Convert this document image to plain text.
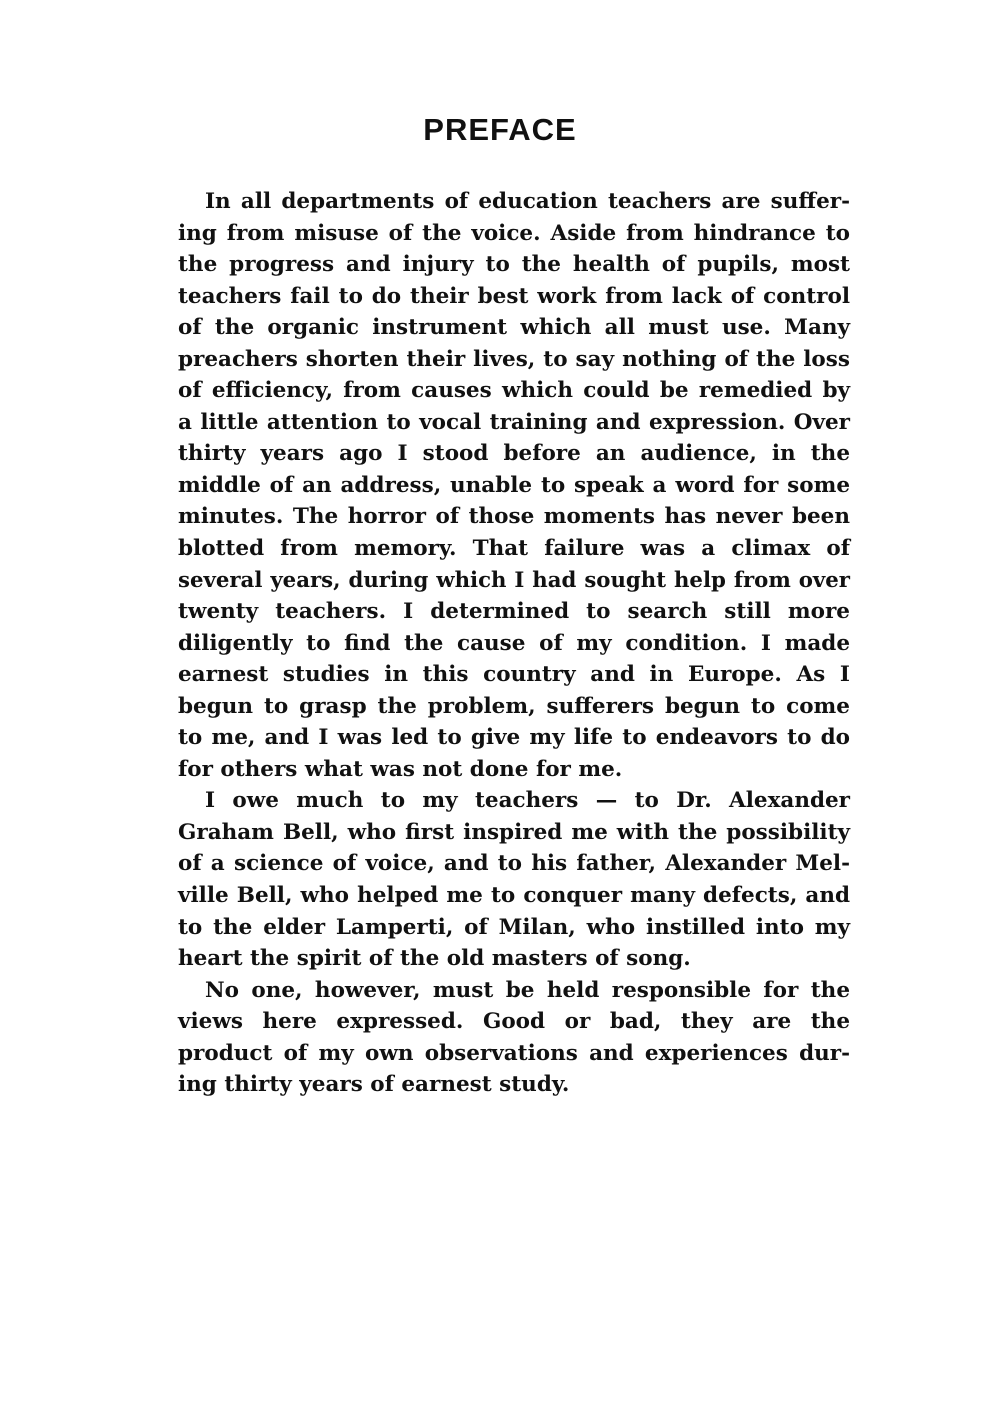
PREFACE
In all departments of education teachers are suffer-
ing from misuse of the voice. Aside from hindrance to
the progress and injury to the health of pupils, most
teachers fail to do their best work from lack of control
of the organic instrument which all must use. Many
preachers shorten their lives, to say nothing of the loss
of efficiency, from causes which could be remedied by
a little attention to vocal training and expression. Over
thirty years ago I stood before an audience, in the
middle of an address, unable to speak a word for some
minutes. The horror of those moments has never been
blotted from memory. That failure was a climax of
several years, during which I had sought help from over
twenty teachers. I determined to search still more
diligently to find the cause of my condition. I made
earnest studies in this country and in Europe. As I
begun to grasp the problem, sufferers begun to come
to me, and I was led to give my life to endeavors to do
for others what was not done for me.
I owe much to my teachers — to Dr. Alexander
Graham Bell, who first inspired me with the possibility
of a science of voice, and to his father, Alexander Mel-
ville Bell, who helped me to conquer many defects, and
to the elder Lamperti, of Milan, who instilled into my
heart the spirit of the old masters of song.
No one, however, must be held responsible for the
views here expressed. Good or bad, they are the
product of my own observations and experiences dur-
ing thirty years of earnest study.
